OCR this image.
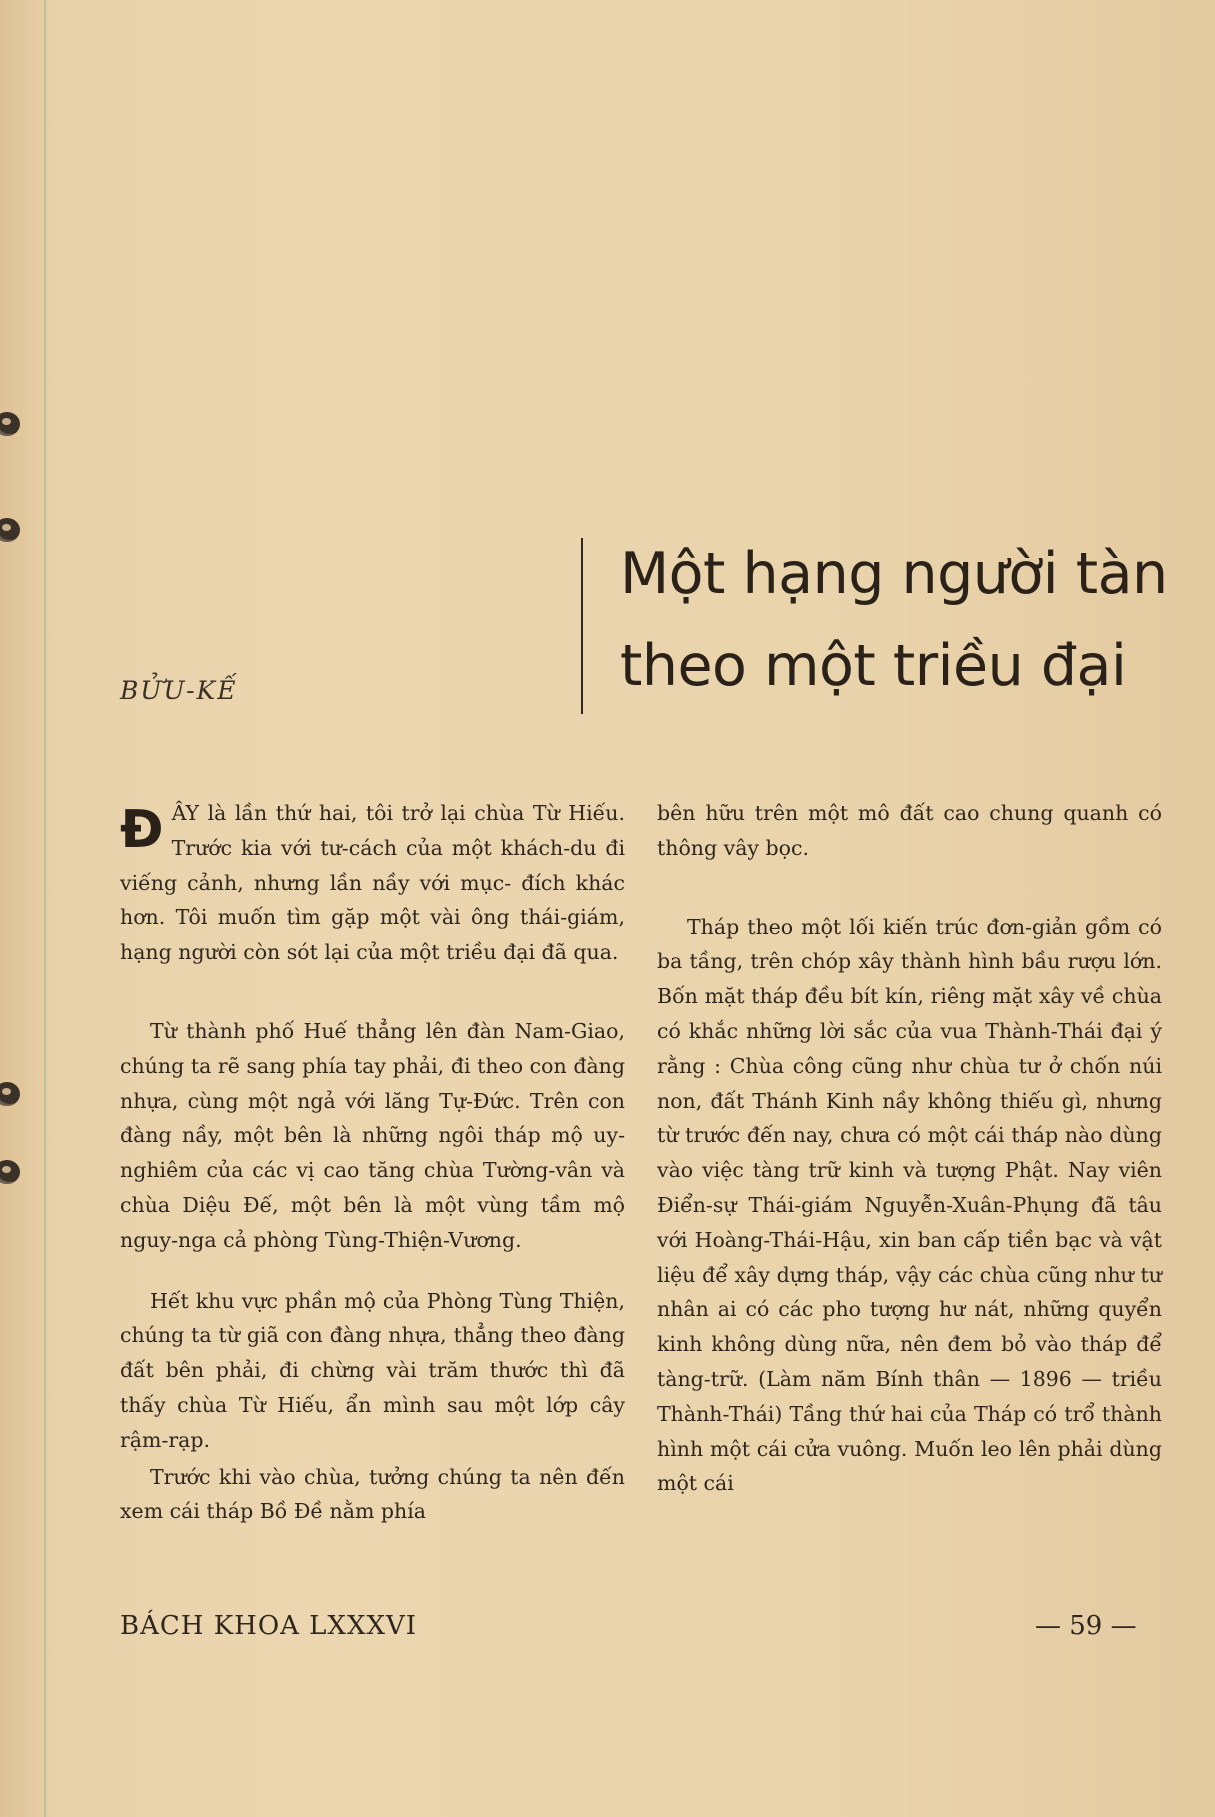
BỬU-KẾ
Một hạng người tàn
theo một triều đại

ĐÂY là lần thứ hai, tôi trở lại chùa Từ Hiếu. Trước kia với tư-cách của một khách-du đi viếng cảnh, nhưng lần nầy với mục- đích khác hơn. Tôi muốn tìm gặp một vài ông thái-giám, hạng người còn sót lại của một triều đại đã qua.

Từ thành phố Huế thẳng lên đàn Nam-Giao, chúng ta rẽ sang phía tay phải, đi theo con đàng nhựa, cùng một ngả với lăng Tự-Đức. Trên con đàng nầy, một bên là những ngôi tháp mộ uy-nghiêm của các vị cao tăng chùa Tường-vân và chùa Diệu Đế, một bên là một vùng tầm mộ nguy-nga cả phòng Tùng-Thiện-Vương.

Hết khu vực phần mộ của Phòng Tùng Thiện, chúng ta từ giã con đàng nhựa, thẳng theo đàng đất bên phải, đi chừng vài trăm thước thì đã thấy chùa Từ Hiếu, ẩn mình sau một lớp cây rậm-rạp.

Trước khi vào chùa, tưởng chúng ta nên đến xem cái tháp Bồ Đề nằm phía

bên hữu trên một mô đất cao chung quanh có thông vây bọc.

Tháp theo một lối kiến trúc đơn-giản gồm có ba tầng, trên chóp xây thành hình bầu rượu lớn. Bốn mặt tháp đều bít kín, riêng mặt xây về chùa có khắc những lời sắc của vua Thành-Thái đại ý rằng : Chùa công cũng như chùa tư ở chốn núi non, đất Thánh Kinh nầy không thiếu gì, nhưng từ trước đến nay, chưa có một cái tháp nào dùng vào việc tàng trữ kinh và tượng Phật. Nay viên Điển-sự Thái-giám Nguyễn-Xuân-Phụng đã tâu với Hoàng-Thái-Hậu, xin ban cấp tiền bạc và vật liệu để xây dựng tháp, vậy các chùa cũng như tư nhân ai có các pho tượng hư nát, những quyển kinh không dùng nữa, nên đem bỏ vào tháp để tàng-trữ. (Làm năm Bính thân — 1896 — triều Thành-Thái) Tầng thứ hai của Tháp có trổ thành hình một cái cửa vuông. Muốn leo lên phải dùng một cái

BÁCH KHOA LXXXVI	— 59 —
